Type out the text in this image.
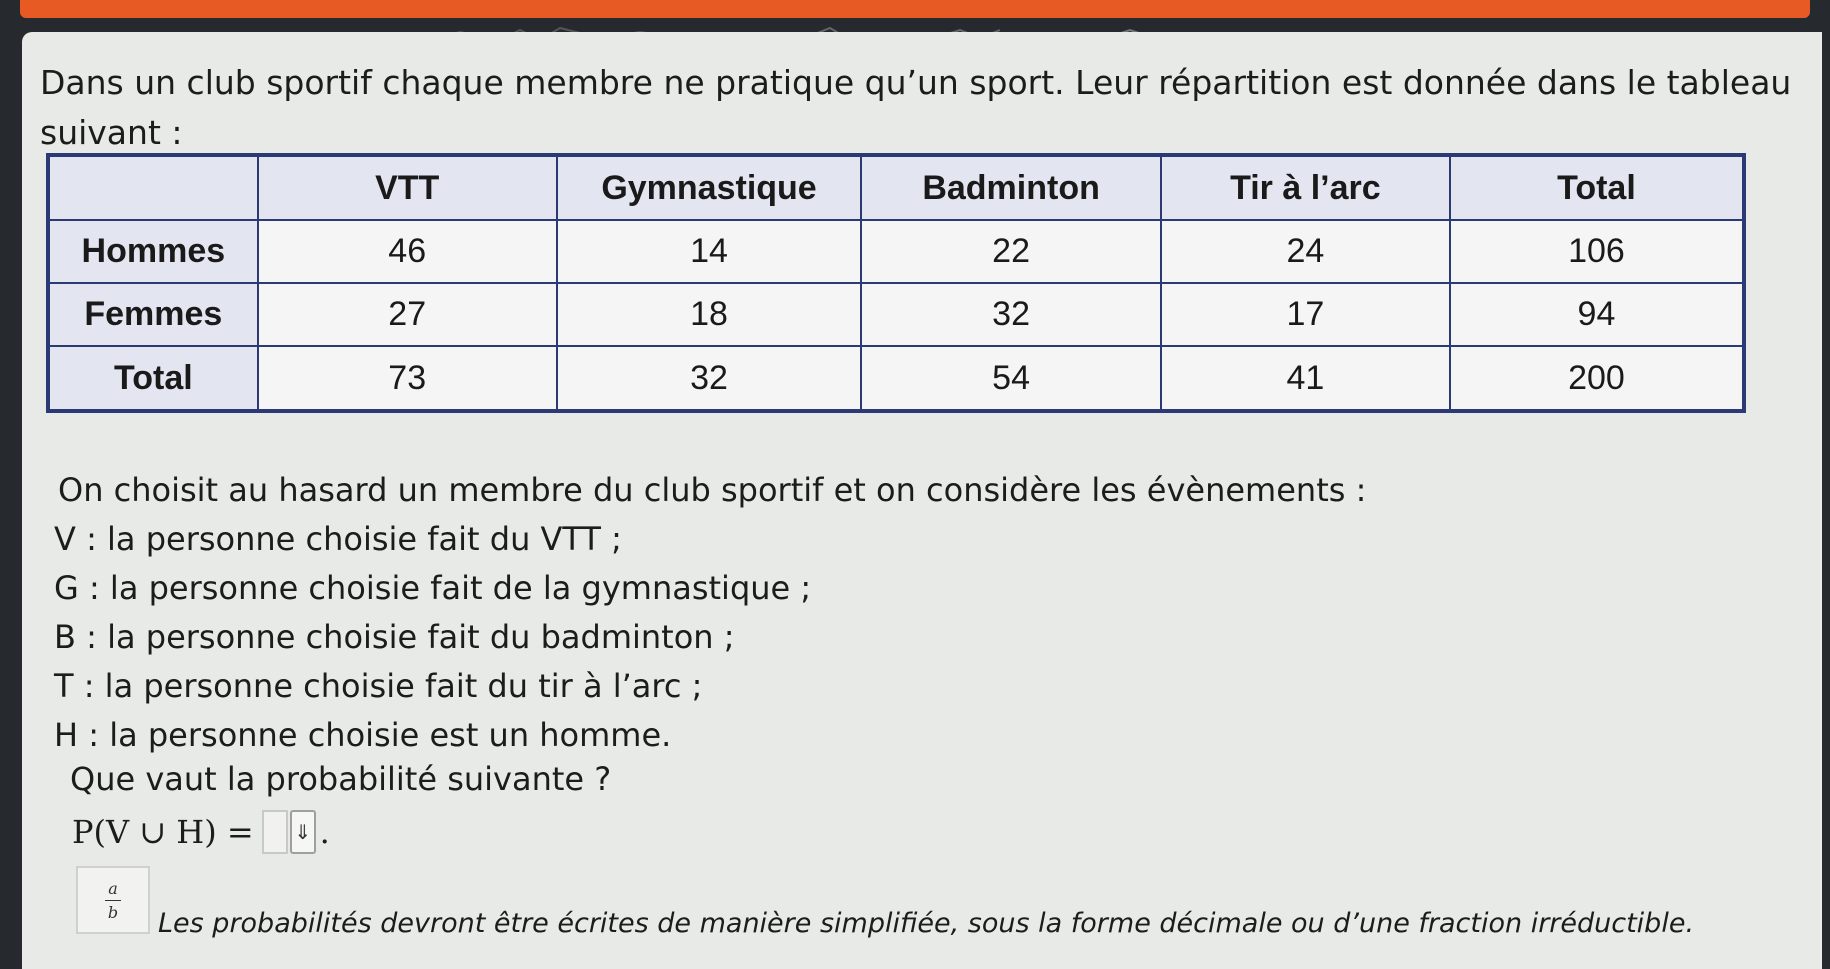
Dans un club sportif chaque membre ne pratique qu’un sport. Leur répartition est donnée dans le tableau suivant :

	VTT	Gymnastique	Badminton	Tir à l’arc	Total
Hommes	46	14	22	24	106
Femmes	27	18	32	17	94
Total	73	32	54	41	200
On choisit au hasard un membre du club sportif et on considère les évènements :
V : la personne choisie fait du VTT ;
G : la personne choisie fait de la gymnastique ;
B : la personne choisie fait du badminton ;
T : la personne choisie fait du tir à l’arc ;
H : la personne choisie est un homme.

Que vaut la probabilité suivante ?

P(V ∪ H) = ⇓ .
a
b Les probabilités devront être écrites de manière simplifiée, sous la forme décimale ou d’une fraction irréductible.
